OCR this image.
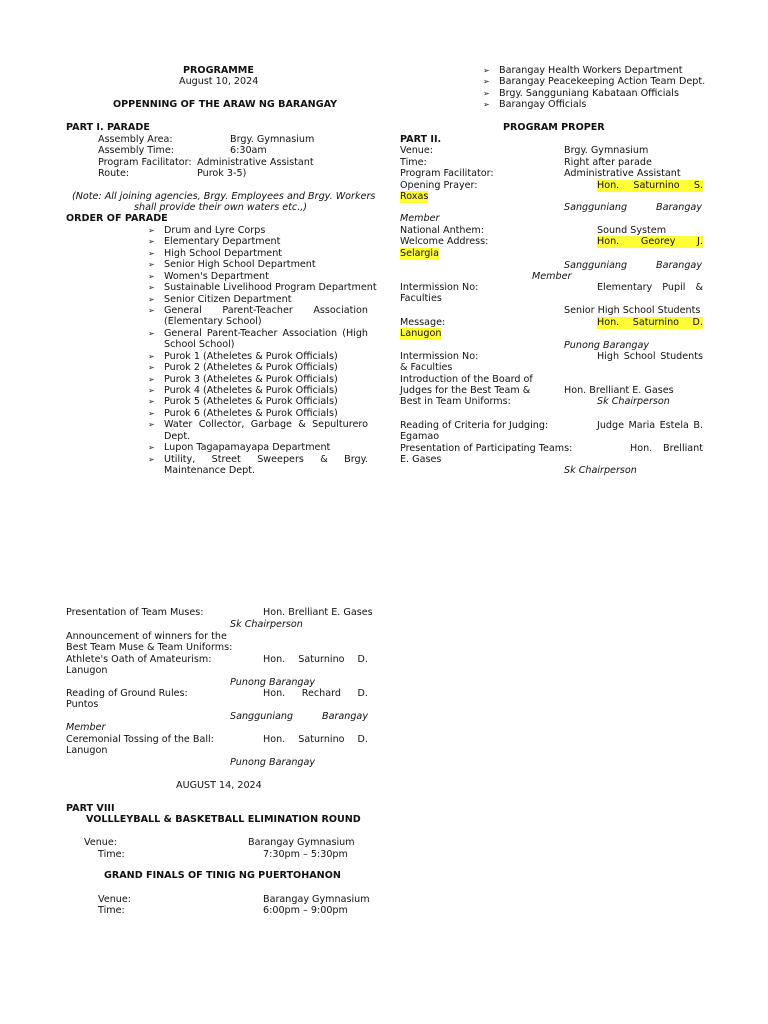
PROGRAMME
August 10, 2024
OPPENNING OF THE ARAW NG BARANGAY
PART I. PARADE
Assembly Area:	Brgy. Gymnasium
Assembly Time:	6:30am
Program Facilitator: Administrative Assistant
Route:	Purok 3-5)
(Note: All joining agencies, Brgy. Employees and Brgy. Workers
shall provide their own waters etc.,)
ORDER OF PARADE
➢ Drum and Lyre Corps
➢ Elementary Department
➢ High School Department
➢ Senior High School Department
➢ Women's Department
➢ Sustainable Livelihood Program Department
➢ Senior Citizen Department
➢ General Parent-Teacher Association
(Elementary School)
➢ General Parent-Teacher Association (High
School School)
➢ Purok 1 (Atheletes & Purok Officials)
➢ Purok 2 (Atheletes & Purok Officials)
➢ Purok 3 (Atheletes & Purok Officials)
➢ Purok 4 (Atheletes & Purok Officials)
➢ Purok 5 (Atheletes & Purok Officials)
➢ Purok 6 (Atheletes & Purok Officials)
➢ Water Collector, Garbage & Sepulturero
Dept.
➢ Lupon Tagapamayapa Department
➢ Utility, Street Sweepers & Brgy.
Maintenance Dept.
➢ Barangay Health Workers Department
➢ Barangay Peacekeeping Action Team Dept.
➢ Brgy. Sangguniang Kabataan Officials
➢ Barangay Officials
PROGRAM PROPER
PART II.
Venue:	Brgy. Gymnasium
Time:	Right after parade
Program Facilitator:	Administrative Assistant
Opening Prayer:	Hon. Saturnino S.
Roxas
Sangguniang Barangay
Member
National Anthem:	Sound System
Welcome Address:	Hon. Georey J.
Selargia
Sangguniang Barangay
Member
Intermission No:	Elementary Pupil &
Faculties
Senior High School Students
Message:	Hon. Saturnino D.
Lanugon
Punong Barangay
Intermission No:	High School Students
& Faculties
Introduction of the Board of
Judges for the Best Team &	Hon. Brelliant E. Gases
Best in Team Uniforms:	Sk Chairperson
Reading of Criteria for Judging:	Judge Maria Estela B.
Egamao
Presentation of Participating Teams:	Hon. Brelliant
E. Gases
Sk Chairperson
Presentation of Team Muses:	Hon. Brelliant E. Gases
Sk Chairperson
Announcement of winners for the
Best Team Muse & Team Uniforms:
Athlete's Oath of Amateurism:	Hon. Saturnino D.
Lanugon
Punong Barangay
Reading of Ground Rules:	Hon. Rechard D.
Puntos
Sangguniang Barangay
Member
Ceremonial Tossing of the Ball:	Hon. Saturnino D.
Lanugon
Punong Barangay
AUGUST 14, 2024
PART VIII
VOLLLEYBALL & BASKETBALL ELIMINATION ROUND
Venue:	Barangay Gymnasium
Time:	7:30pm – 5:30pm
GRAND FINALS OF TINIG NG PUERTOHANON
Venue:	Barangay Gymnasium
Time:	6:00pm – 9:00pm
